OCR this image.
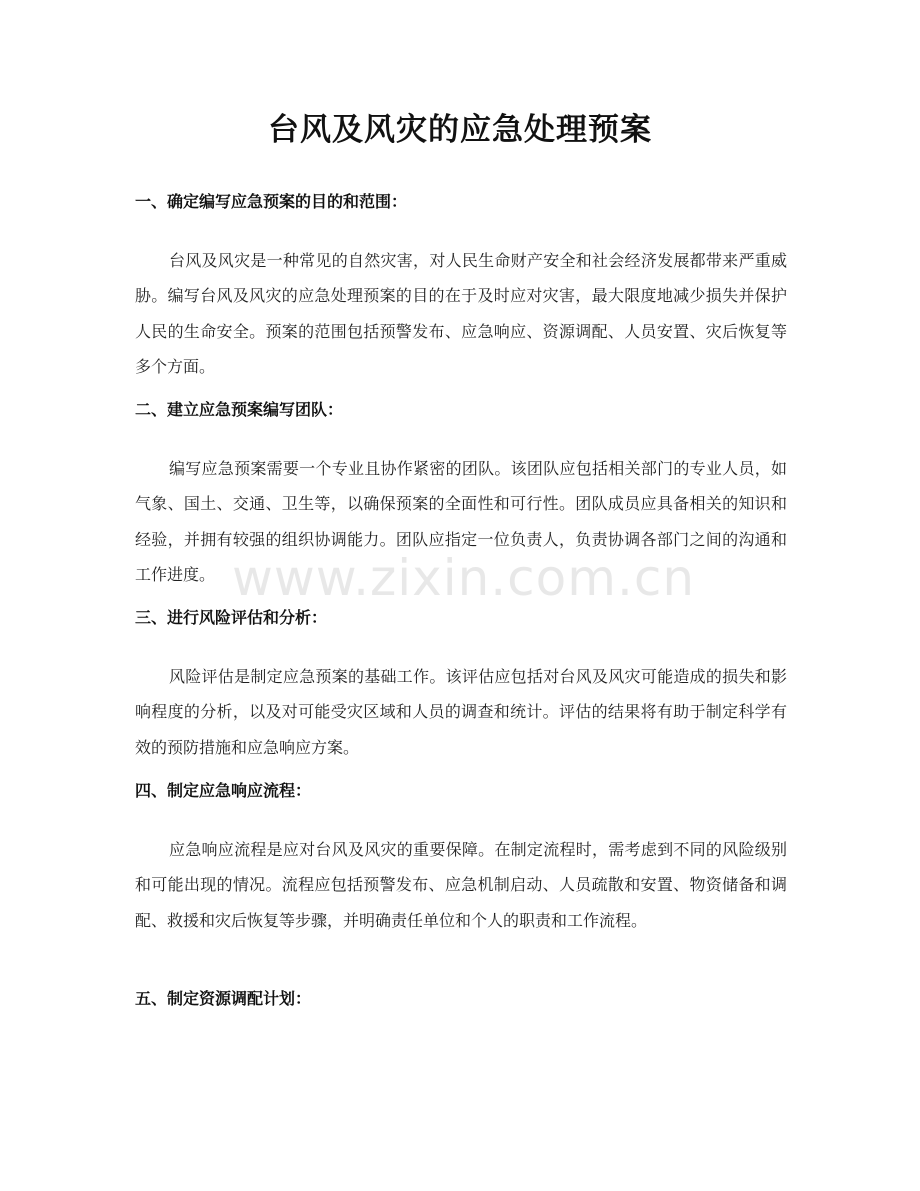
台风及风灾的应急处理预案
一、确定编写应急预案的目的和范围：

台风及风灾是一种常见的自然灾害，对人民生命财产安全和社会经济发展都带来严重威胁。编写台风及风灾的应急处理预案的目的在于及时应对灾害，最大限度地减少损失并保护人民的生命安全。预案的范围包括预警发布、应急响应、资源调配、人员安置、灾后恢复等多个方面。

二、建立应急预案编写团队：

编写应急预案需要一个专业且协作紧密的团队。该团队应包括相关部门的专业人员，如气象、国土、交通、卫生等，以确保预案的全面性和可行性。团队成员应具备相关的知识和经验，并拥有较强的组织协调能力。团队应指定一位负责人，负责协调各部门之间的沟通和工作进度。

三、进行风险评估和分析：

风险评估是制定应急预案的基础工作。该评估应包括对台风及风灾可能造成的损失和影响程度的分析，以及对可能受灾区域和人员的调查和统计。评估的结果将有助于制定科学有效的预防措施和应急响应方案。

四、制定应急响应流程：

应急响应流程是应对台风及风灾的重要保障。在制定流程时，需考虑到不同的风险级别和可能出现的情况。流程应包括预警发布、应急机制启动、人员疏散和安置、物资储备和调配、救援和灾后恢复等步骤，并明确责任单位和个人的职责和工作流程。

五、制定资源调配计划：
www.zixin.com.cn
